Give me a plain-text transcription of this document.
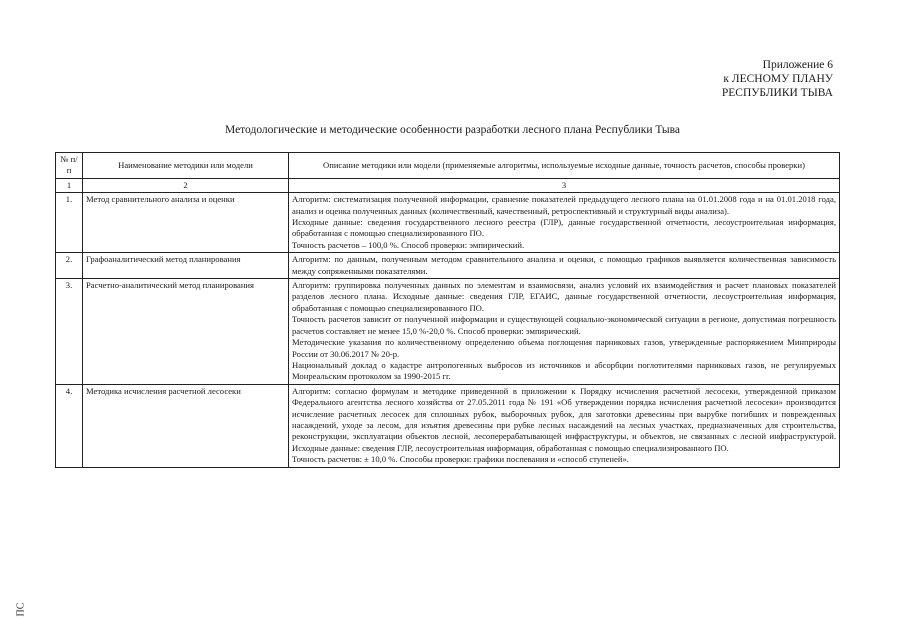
Приложение 6
к ЛЕСНОМУ ПЛАНУ
РЕСПУБЛИКИ ТЫВА
Методологические и методические особенности разработки лесного плана Республики Тыва
№ п/п	Наименование методики или модели	Описание методики или модели (применяемые алгоритмы, используемые исходные данные, точность расчетов, способы проверки)
1	2	3
1.	Метод сравнительного анализа и оценки	Алгоритм: систематизация полученной информации, сравнение показателей предыдущего лесного плана на 01.01.2008 года и на 01.01.2018 года, анализ и оценка полученных данных (количественный, качественный, ретроспективный и структурный виды анализа).

Исходные данные: сведения государственного лесного реестра (ГЛР), данные государственной отчетности, лесоустроительная информация, обработанная с помощью специализированного ПО.

Точность расчетов – 100,0 %. Способ проверки: эмпирический.

2.	Графоаналитический метод планирования	Алгоритм: по данным, полученным методом сравнительного анализа и оценки, с помощью графиков выявляется количественная зависимость между сопряженными показателями.

3.	Расчетно-аналитический метод планирования	Алгоритм: группировка полученных данных по элементам и взаимосвязи, анализ условий их взаимодействия и расчет плановых показателей разделов лесного плана. Исходные данные: сведения ГЛР, ЕГАИС, данные государственной отчетности, лесоустроительная информация, обработанная с помощью специализированного ПО.

Точность расчетов зависит от полученной информации и существующей социально-экономической ситуации в регионе, допустимая погрешность расчетов составляет не менее 15,0 %-20,0 %. Способ проверки: эмпирический.

Методические указания по количественному определению объема поглощения парниковых газов, утвержденные распоряжением Минприроды России от 30.06.2017 № 20-р.

Национальный доклад о кадастре антропогенных выбросов из источников и абсорбции поглотителями парниковых газов, не регулируемых Монреальским протоколом за 1990-2015 гг.

4.	Методика исчисления расчетной лесосеки	Алгоритм: согласно формулам и методике приведенной в приложении к Порядку исчисления расчетной лесосеки, утвержденной приказом Федерального агентства лесного хозяйства от 27.05.2011 года № 191 «Об утверждении порядка исчисления расчетной лесосеки» производится исчисление расчетных лесосек для сплошных рубок, выборочных рубок, для заготовки древесины при вырубке погибших и поврежденных насаждений, уходе за лесом, для изъятия древесины при рубке лесных насаждений на лесных участках, предназначенных для строительства, реконструкции, эксплуатации объектов лесной, лесоперерабатывающей инфраструктуры, и объектов, не связанных с лесной инфраструктурой. Исходные данные: сведения ГЛР, лесоустроительная информация, обработанная с помощью специализированного ПО.

Точность расчетов: ± 10,0 %. Способы проверки: графики поспевания и «способ ступеней».

ПС
